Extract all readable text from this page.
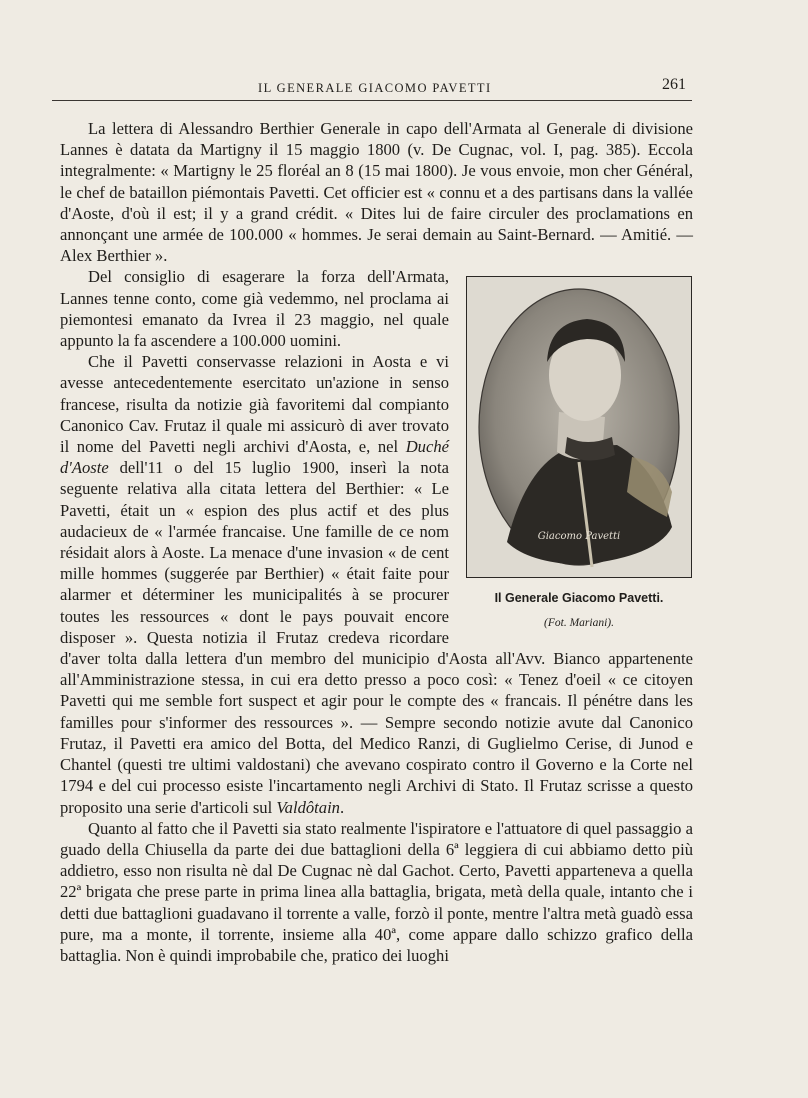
IL GENERALE GIACOMO PAVETTI	261

La lettera di Alessandro Berthier Generale in capo dell'Armata al Generale di divisione Lannes è datata da Martigny il 15 maggio 1800 (v. De Cugnac, vol. I, pag. 385). Eccola integralmente: « Martigny le 25 floréal an 8 (15 mai 1800). Je vous envoie, mon cher Général, le chef de bataillon piémontais Pavetti. Cet officier est « connu et a des partisans dans la vallée d'Aoste, d'où il est; il y a grand crédit. « Dites lui de faire circuler des proclamations en annonçant une armée de 100.000 « hommes. Je serai demain au Saint-Bernard. — Amitié. — Alex Berthier ».

Giacomo Pavetti
Il Generale Giacomo Pavetti.
(Fot. Mariani).

Del consiglio di esagerare la forza dell'Armata, Lannes tenne conto, come già vedemmo, nel proclama ai piemontesi emanato da Ivrea il 23 maggio, nel quale appunto la fa ascendere a 100.000 uomini.

Che il Pavetti conservasse relazioni in Aosta e vi avesse antecedentemente esercitato un'azione in senso francese, risulta da notizie già favoritemi dal compianto Canonico Cav. Frutaz il quale mi assicurò di aver trovato il nome del Pavetti negli archivi d'Aosta, e, nel Duché d'Aoste dell'11 o del 15 luglio 1900, inserì la nota seguente relativa alla citata lettera del Berthier: « Le Pavetti, était un « espion des plus actif et des plus audacieux de « l'armée francaise. Une famille de ce nom résidait alors à Aoste. La menace d'une invasion « de cent mille hommes (suggerée par Berthier) « était faite pour alarmer et déterminer les municipalités à se procurer toutes les ressources « dont le pays pouvait encore disposer ». Questa notizia il Frutaz credeva ricordare d'aver tolta dalla lettera d'un membro del municipio d'Aosta all'Avv. Bianco appartenente all'Amministrazione stessa, in cui era detto presso a poco così: « Tenez d'oeil « ce citoyen Pavetti qui me semble fort suspect et agir pour le compte des « francais. Il pénétre dans les familles pour s'informer des ressources ». — Sempre secondo notizie avute dal Canonico Frutaz, il Pavetti era amico del Botta, del Medico Ranzi, di Guglielmo Cerise, di Junod e Chantel (questi tre ultimi valdostani) che avevano cospirato contro il Governo e la Corte nel 1794 e del cui processo esiste l'incartamento negli Archivi di Stato. Il Frutaz scrisse a questo proposito una serie d'articoli sul Valdôtain.

Quanto al fatto che il Pavetti sia stato realmente l'ispiratore e l'attuatore di quel passaggio a guado della Chiusella da parte dei due battaglioni della 6ª leggiera di cui abbiamo detto più addietro, esso non risulta nè dal De Cugnac nè dal Gachot. Certo, Pavetti apparteneva a quella 22ª brigata che prese parte in prima linea alla battaglia, brigata, metà della quale, intanto che i detti due battaglioni guadavano il torrente a valle, forzò il ponte, mentre l'altra metà guadò essa pure, ma a monte, il torrente, insieme alla 40ª, come appare dallo schizzo grafico della battaglia. Non è quindi improbabile che, pratico dei luoghi
